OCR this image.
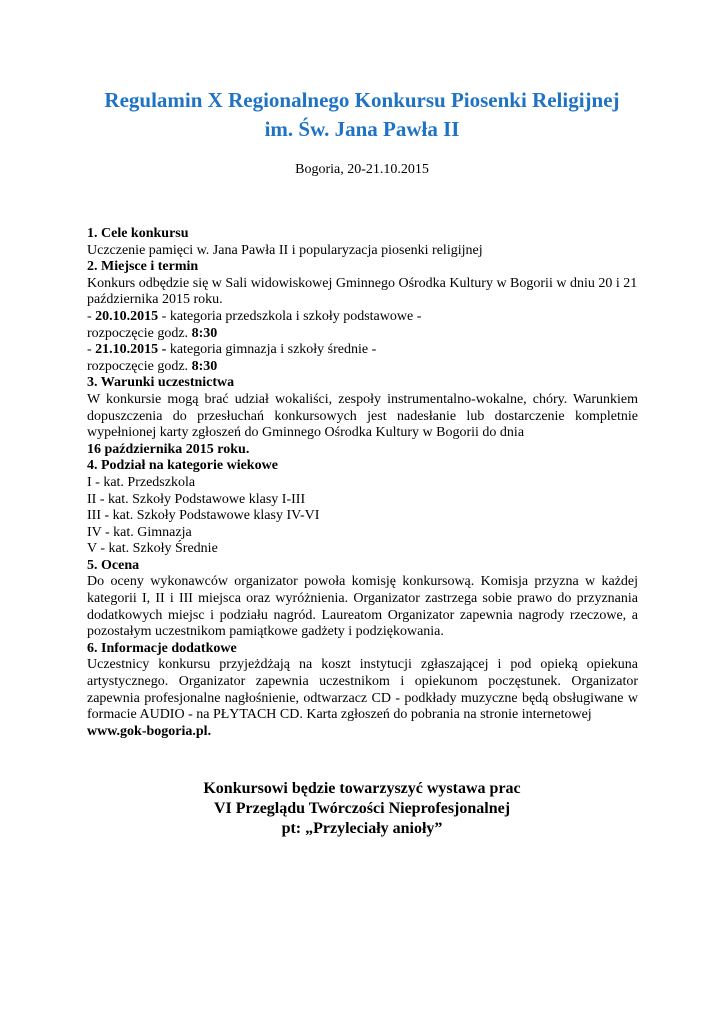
Regulamin X Regionalnego Konkursu Piosenki Religijnej
im. Św. Jana Pawła II
Bogoria, 20-21.10.2015
1. Cele konkursu
Uczczenie pamięci w. Jana Pawła II i popularyzacja piosenki religijnej
2. Miejsce i termin
Konkurs odbędzie się w Sali widowiskowej Gminnego Ośrodka Kultury w Bogorii w dniu 20 i 21 października 2015 roku.
- 20.10.2015 - kategoria przedszkola i szkoły podstawowe -
rozpoczęcie godz. 8:30
- 21.10.2015 - kategoria gimnazja i szkoły średnie -
rozpoczęcie godz. 8:30
3. Warunki uczestnictwa
W konkursie mogą brać udział wokaliści, zespoły instrumentalno-wokalne, chóry. Warunkiem dopuszczenia do przesłuchań konkursowych jest nadesłanie lub dostarczenie kompletnie wypełnionej karty zgłoszeń do Gminnego Ośrodka Kultury w Bogorii do dnia
16 października 2015 roku.
4. Podział na kategorie wiekowe
I - kat. Przedszkola
II - kat. Szkoły Podstawowe klasy I-III
III - kat. Szkoły Podstawowe klasy IV-VI
IV - kat. Gimnazja
V - kat. Szkoły Średnie
5. Ocena
Do oceny wykonawców organizator powoła komisję konkursową. Komisja przyzna w każdej kategorii I, II i III miejsca oraz wyróżnienia. Organizator zastrzega sobie prawo do przyznania dodatkowych miejsc i podziału nagród. Laureatom Organizator zapewnia nagrody rzeczowe, a pozostałym uczestnikom pamiątkowe gadżety i podziękowania.
6. Informacje dodatkowe
Uczestnicy konkursu przyjeżdżają na koszt instytucji zgłaszającej i pod opieką opiekuna artystycznego. Organizator zapewnia uczestnikom i opiekunom poczęstunek. Organizator zapewnia profesjonalne nagłośnienie, odtwarzacz CD - podkłady muzyczne będą obsługiwane w formacie AUDIO - na PŁYTACH CD. Karta zgłoszeń do pobrania na stronie internetowej
www.gok-bogoria.pl.
Konkursowi będzie towarzyszyć wystawa prac
VI Przeglądu Twórczości Nieprofesjonalnej
pt: „Przyleciały anioły”
